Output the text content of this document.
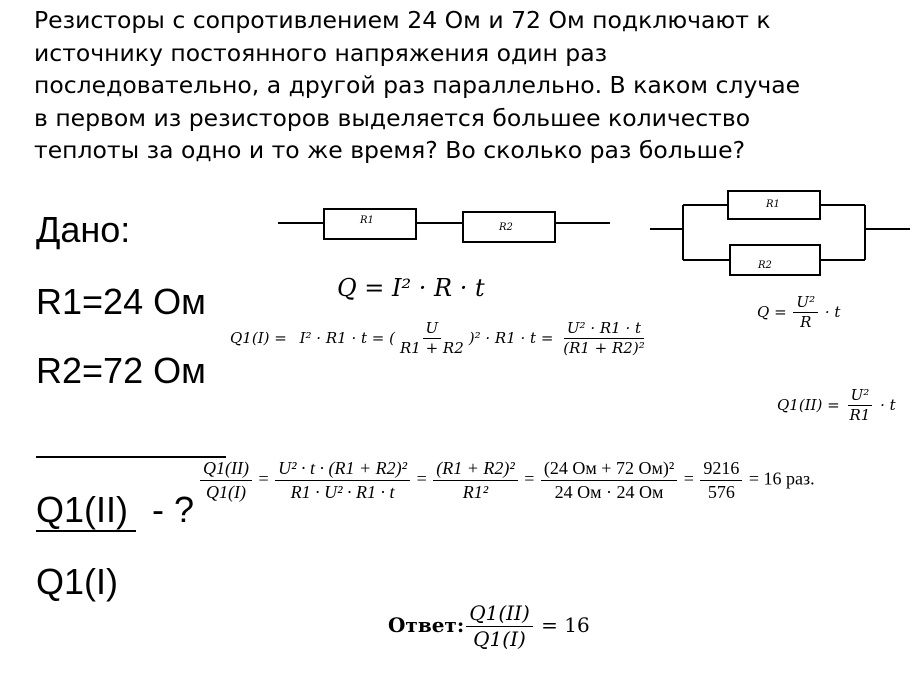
Резисторы с сопротивлением 24 Ом и 72 Ом подключают к
источнику постоянного напряжения один раз
последовательно, а другой раз параллельно. В каком случае
в первом из резисторов выделяется большее количество
теплоты за одно и то же время? Во сколько раз больше?
Дано:
R1=24 Ом
R2=72 Ом
Q1(II) - ?
Q1(I)
R1
R2
R1
R2
Q = I² · R · t
Q1(I) = I² · R1 · t = ( $\frac{U}{R1 + R2} )^2 \cdot R1 \cdot t = \frac{\text{U² · R1 · t}}{\text{(R1 + R2)²}}$
$Q = \frac{\text{U²}}{R} \cdot t$
$Q1(II) = \frac{\text{U²}}{R1} \cdot t$
$\frac{Q1(II)}{Q1(I)} = \frac{\text{U² · t · (R1 + R2)²}}{\text{R1 · U² · R1 · t}} = \frac{\text{(R1 + R2)²}}{\text{R1²}} = \frac{\text{(24 Ом + 72 Ом)²}}{24 Ом \cdot 24 Ом} = \frac{9216}{576} = 16$ раз.
Ответ: $\frac{Q1(II)}{Q1(I)} = 16$
